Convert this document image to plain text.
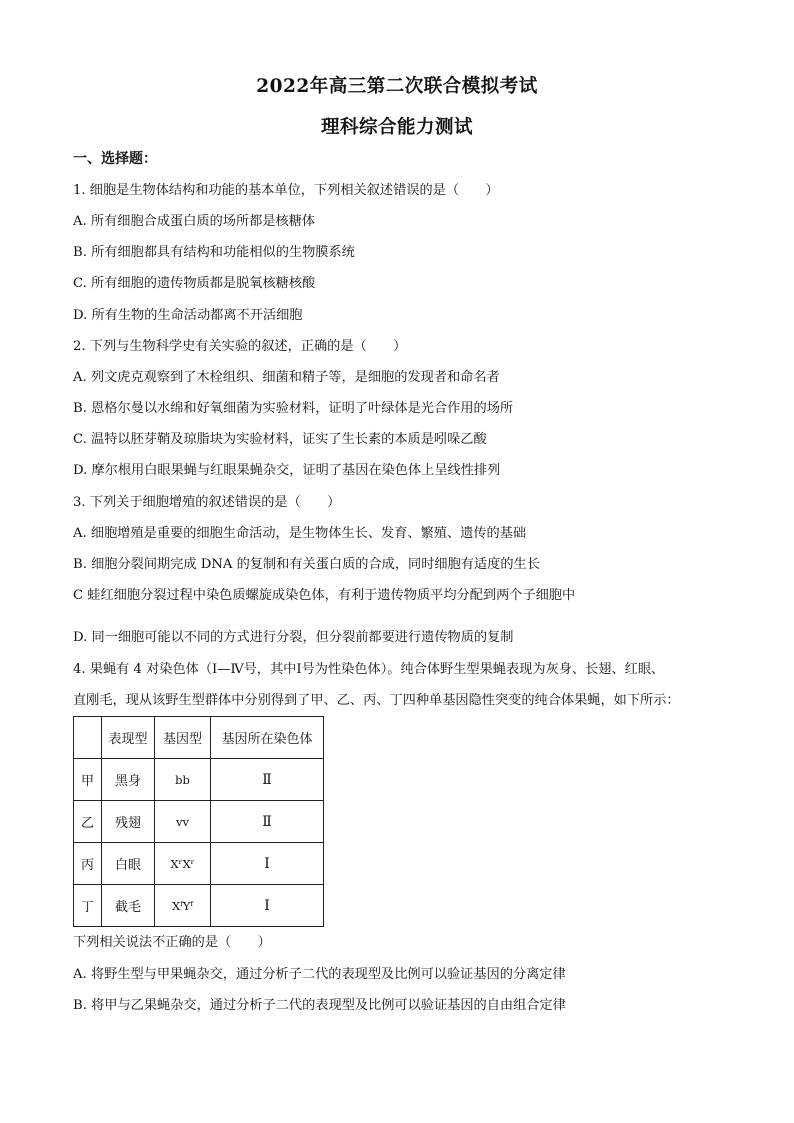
2022年高三第二次联合模拟考试
理科综合能力测试
一、选择题：
1. 细胞是生物体结构和功能的基本单位，下列相关叙述错误的是（　　）
A. 所有细胞合成蛋白质的场所都是核糖体
B. 所有细胞都具有结构和功能相似的生物膜系统
C. 所有细胞的遗传物质都是脱氧核糖核酸
D. 所有生物的生命活动都离不开活细胞
2. 下列与生物科学史有关实验的叙述，正确的是（　　）
A. 列文虎克观察到了木栓组织、细菌和精子等，是细胞的发现者和命名者
B. 恩格尔曼以水绵和好氧细菌为实验材料，证明了叶绿体是光合作用的场所
C. 温特以胚芽鞘及琼脂块为实验材料，证实了生长素的本质是吲哚乙酸
D. 摩尔根用白眼果蝇与红眼果蝇杂交，证明了基因在染色体上呈线性排列
3. 下列关于细胞增殖的叙述错误的是（　　）
A. 细胞增殖是重要的细胞生命活动，是生物体生长、发育、繁殖、遗传的基础
B. 细胞分裂间期完成 DNA 的复制和有关蛋白质的合成，同时细胞有适度的生长
C 蛙红细胞分裂过程中染色质螺旋成染色体，有利于遗传物质平均分配到两个子细胞中
D. 同一细胞可能以不同的方式进行分裂，但分裂前都要进行遗传物质的复制
4. 果蝇有 4 对染色体（Ⅰ—Ⅳ号，其中Ⅰ号为性染色体）。纯合体野生型果蝇表现为灰身、长翅、红眼、
直刚毛，现从该野生型群体中分别得到了甲、乙、丙、丁四种单基因隐性突变的纯合体果蝇，如下所示：
	表现型	基因型	基因所在染色体
甲	黑身	bb	Ⅱ
乙	残翅	vv	Ⅱ
丙	白眼	XʳXʳ	Ⅰ
丁	截毛	XᶠYᶠ	Ⅰ
下列相关说法不正确的是（　　）
A. 将野生型与甲果蝇杂交，通过分析子二代的表现型及比例可以验证基因的分离定律
B. 将甲与乙果蝇杂交，通过分析子二代的表现型及比例可以验证基因的自由组合定律
